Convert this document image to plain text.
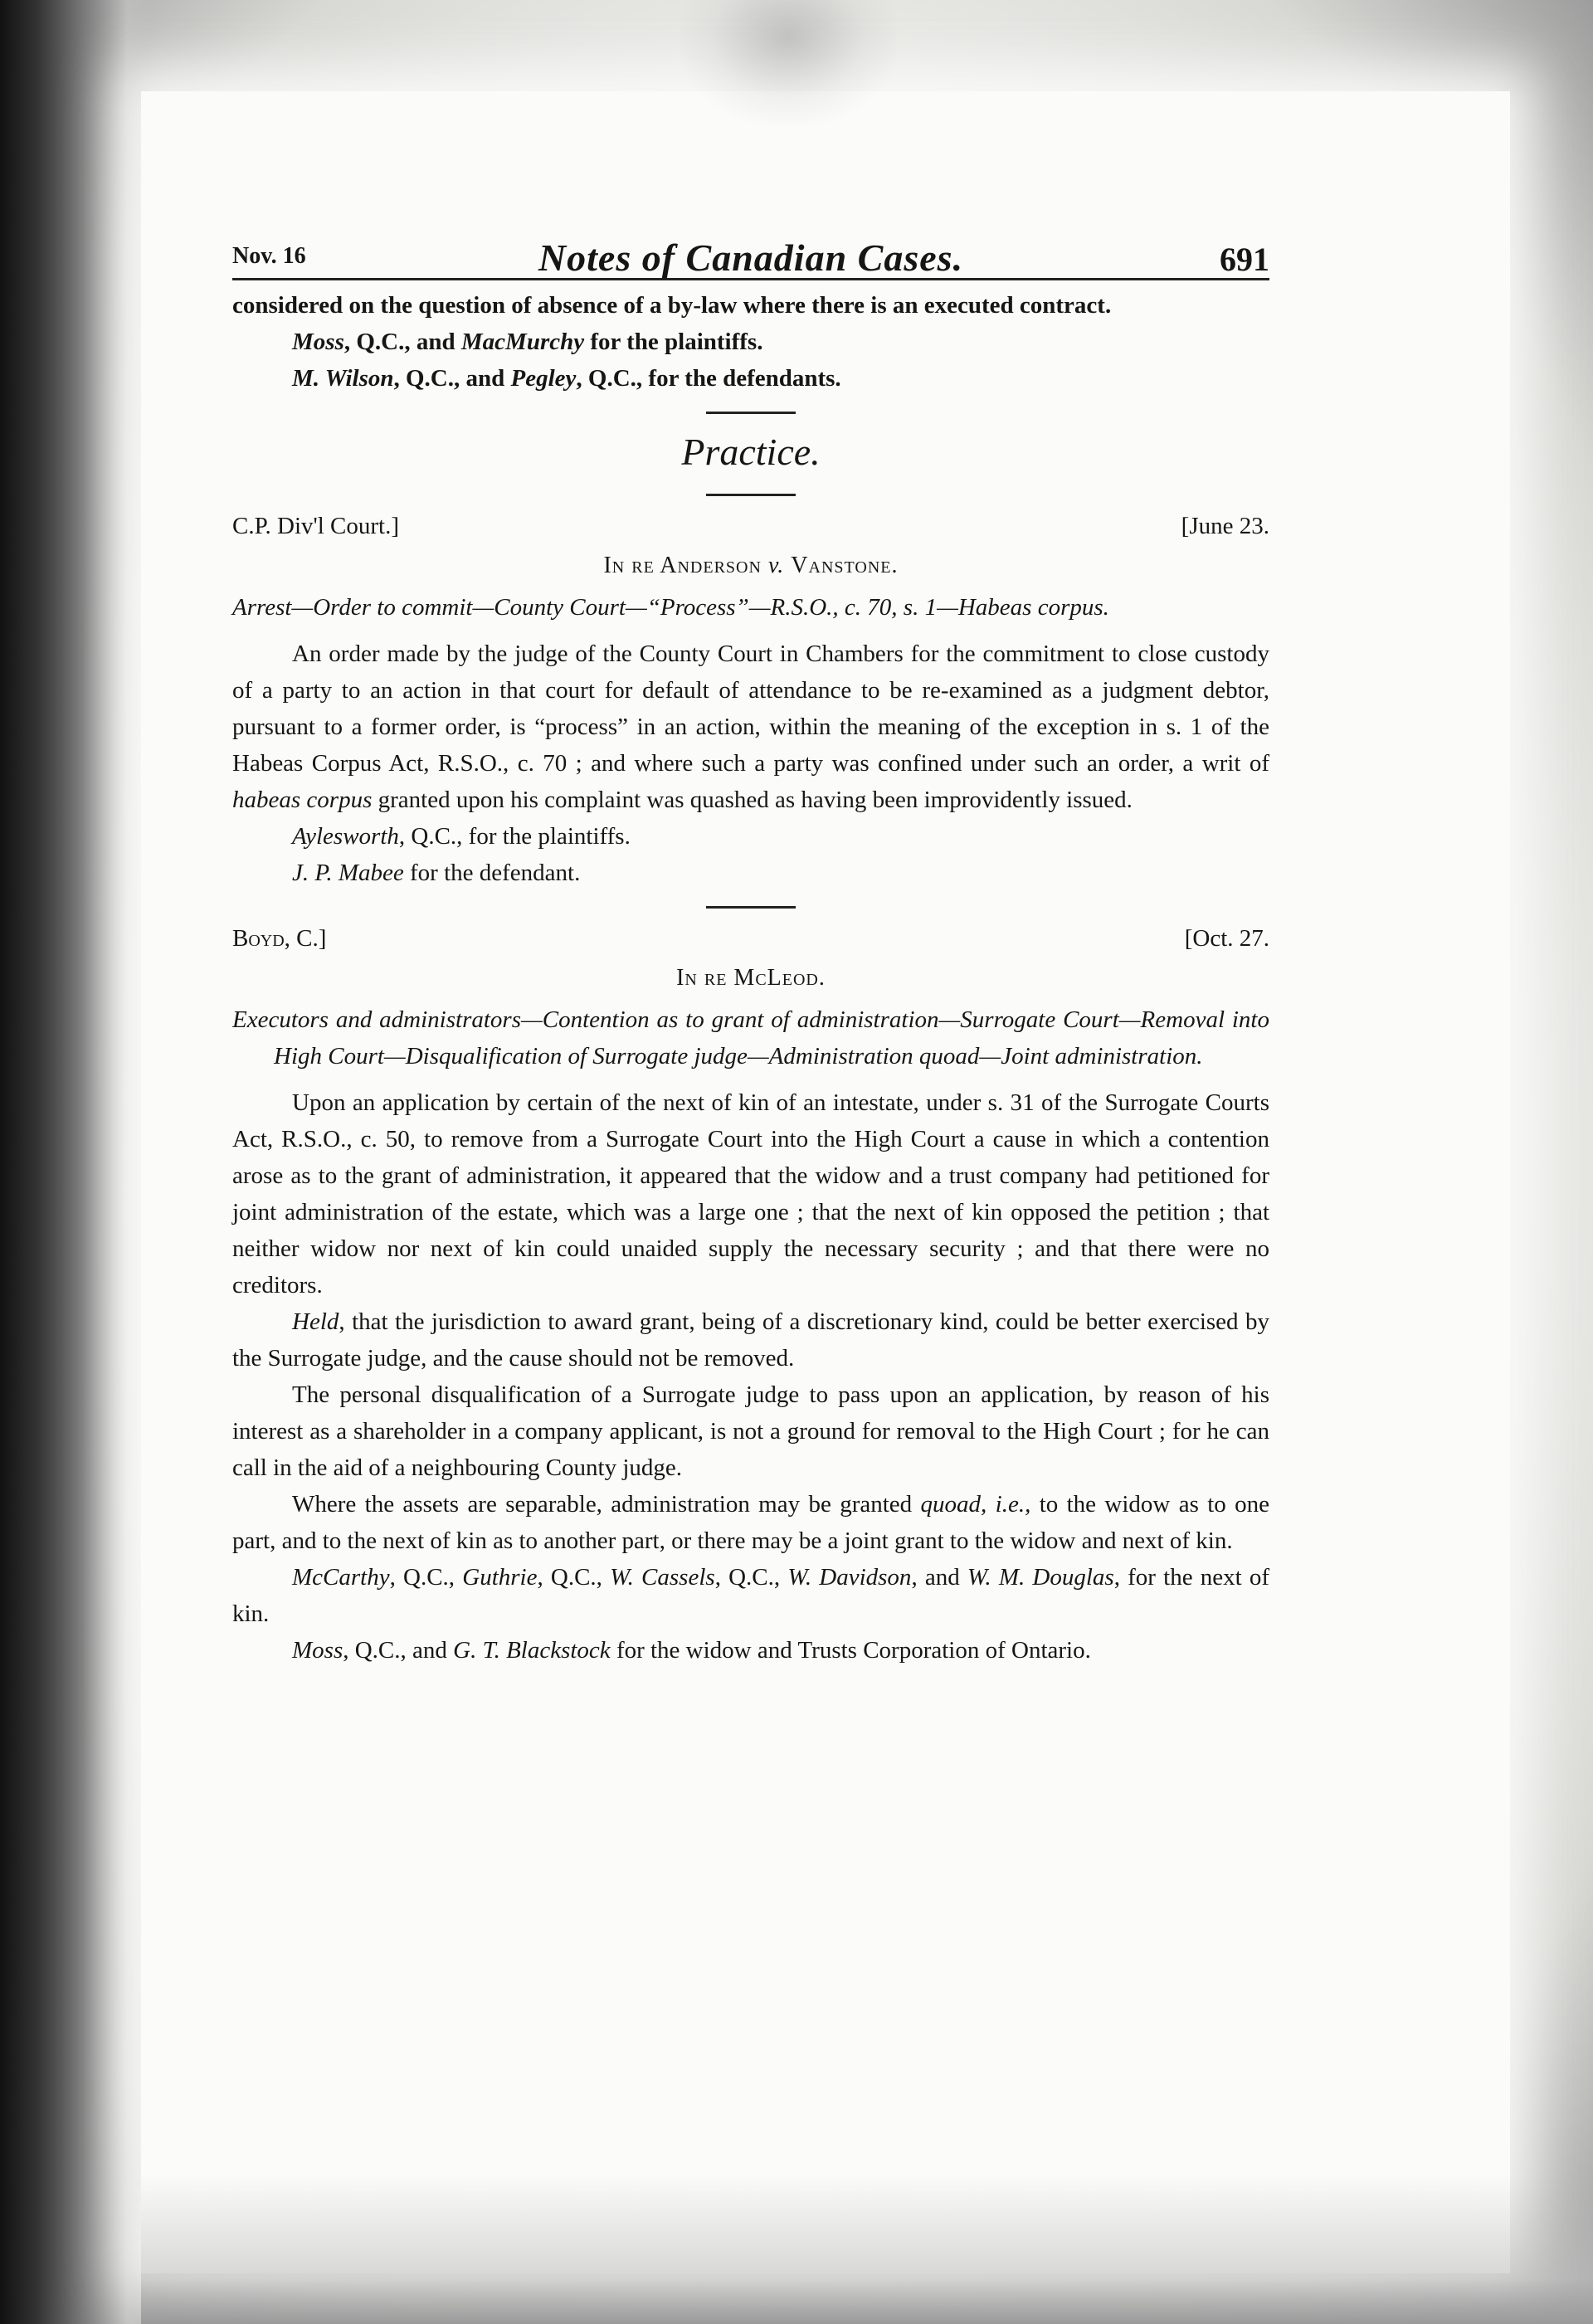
Nov. 16	Notes of Canadian Cases.	691

considered on the question of absence of a by-law where there is an executed contract.

Moss, Q.C., and MacMurchy for the plaintiffs.

M. Wilson, Q.C., and Pegley, Q.C., for the defendants.

Practice.
C.P. Div'l Court.]	[June 23.
In re Anderson v. Vanstone.

Arrest—Order to commit—County Court—“Process”—R.S.O., c. 70, s. 1—Habeas corpus.

An order made by the judge of the County Court in Chambers for the commitment to close custody of a party to an action in that court for default of attendance to be re-examined as a judgment debtor, pursuant to a former order, is “process” in an action, within the meaning of the exception in s. 1 of the Habeas Corpus Act, R.S.O., c. 70 ; and where such a party was confined under such an order, a writ of habeas corpus granted upon his complaint was quashed as having been improvidently issued.

Aylesworth, Q.C., for the plaintiffs.

J. P. Mabee for the defendant.

Boyd, C.]	[Oct. 27.
In re McLeod.

Executors and administrators—Contention as to grant of administration—Surrogate Court—Removal into High Court—Disqualification of Surrogate judge—Administration quoad—Joint administration.

Upon an application by certain of the next of kin of an intestate, under s. 31 of the Surrogate Courts Act, R.S.O., c. 50, to remove from a Surrogate Court into the High Court a cause in which a contention arose as to the grant of administration, it appeared that the widow and a trust company had petitioned for joint administration of the estate, which was a large one ; that the next of kin opposed the petition ; that neither widow nor next of kin could unaided supply the necessary security ; and that there were no creditors.

Held, that the jurisdiction to award grant, being of a discretionary kind, could be better exercised by the Surrogate judge, and the cause should not be removed.

The personal disqualification of a Surrogate judge to pass upon an application, by reason of his interest as a shareholder in a company applicant, is not a ground for removal to the High Court ; for he can call in the aid of a neighbouring County judge.

Where the assets are separable, administration may be granted quoad, i.e., to the widow as to one part, and to the next of kin as to another part, or there may be a joint grant to the widow and next of kin.

McCarthy, Q.C., Guthrie, Q.C., W. Cassels, Q.C., W. Davidson, and W. M. Douglas, for the next of kin.

Moss, Q.C., and G. T. Blackstock for the widow and Trusts Corporation of Ontario.
